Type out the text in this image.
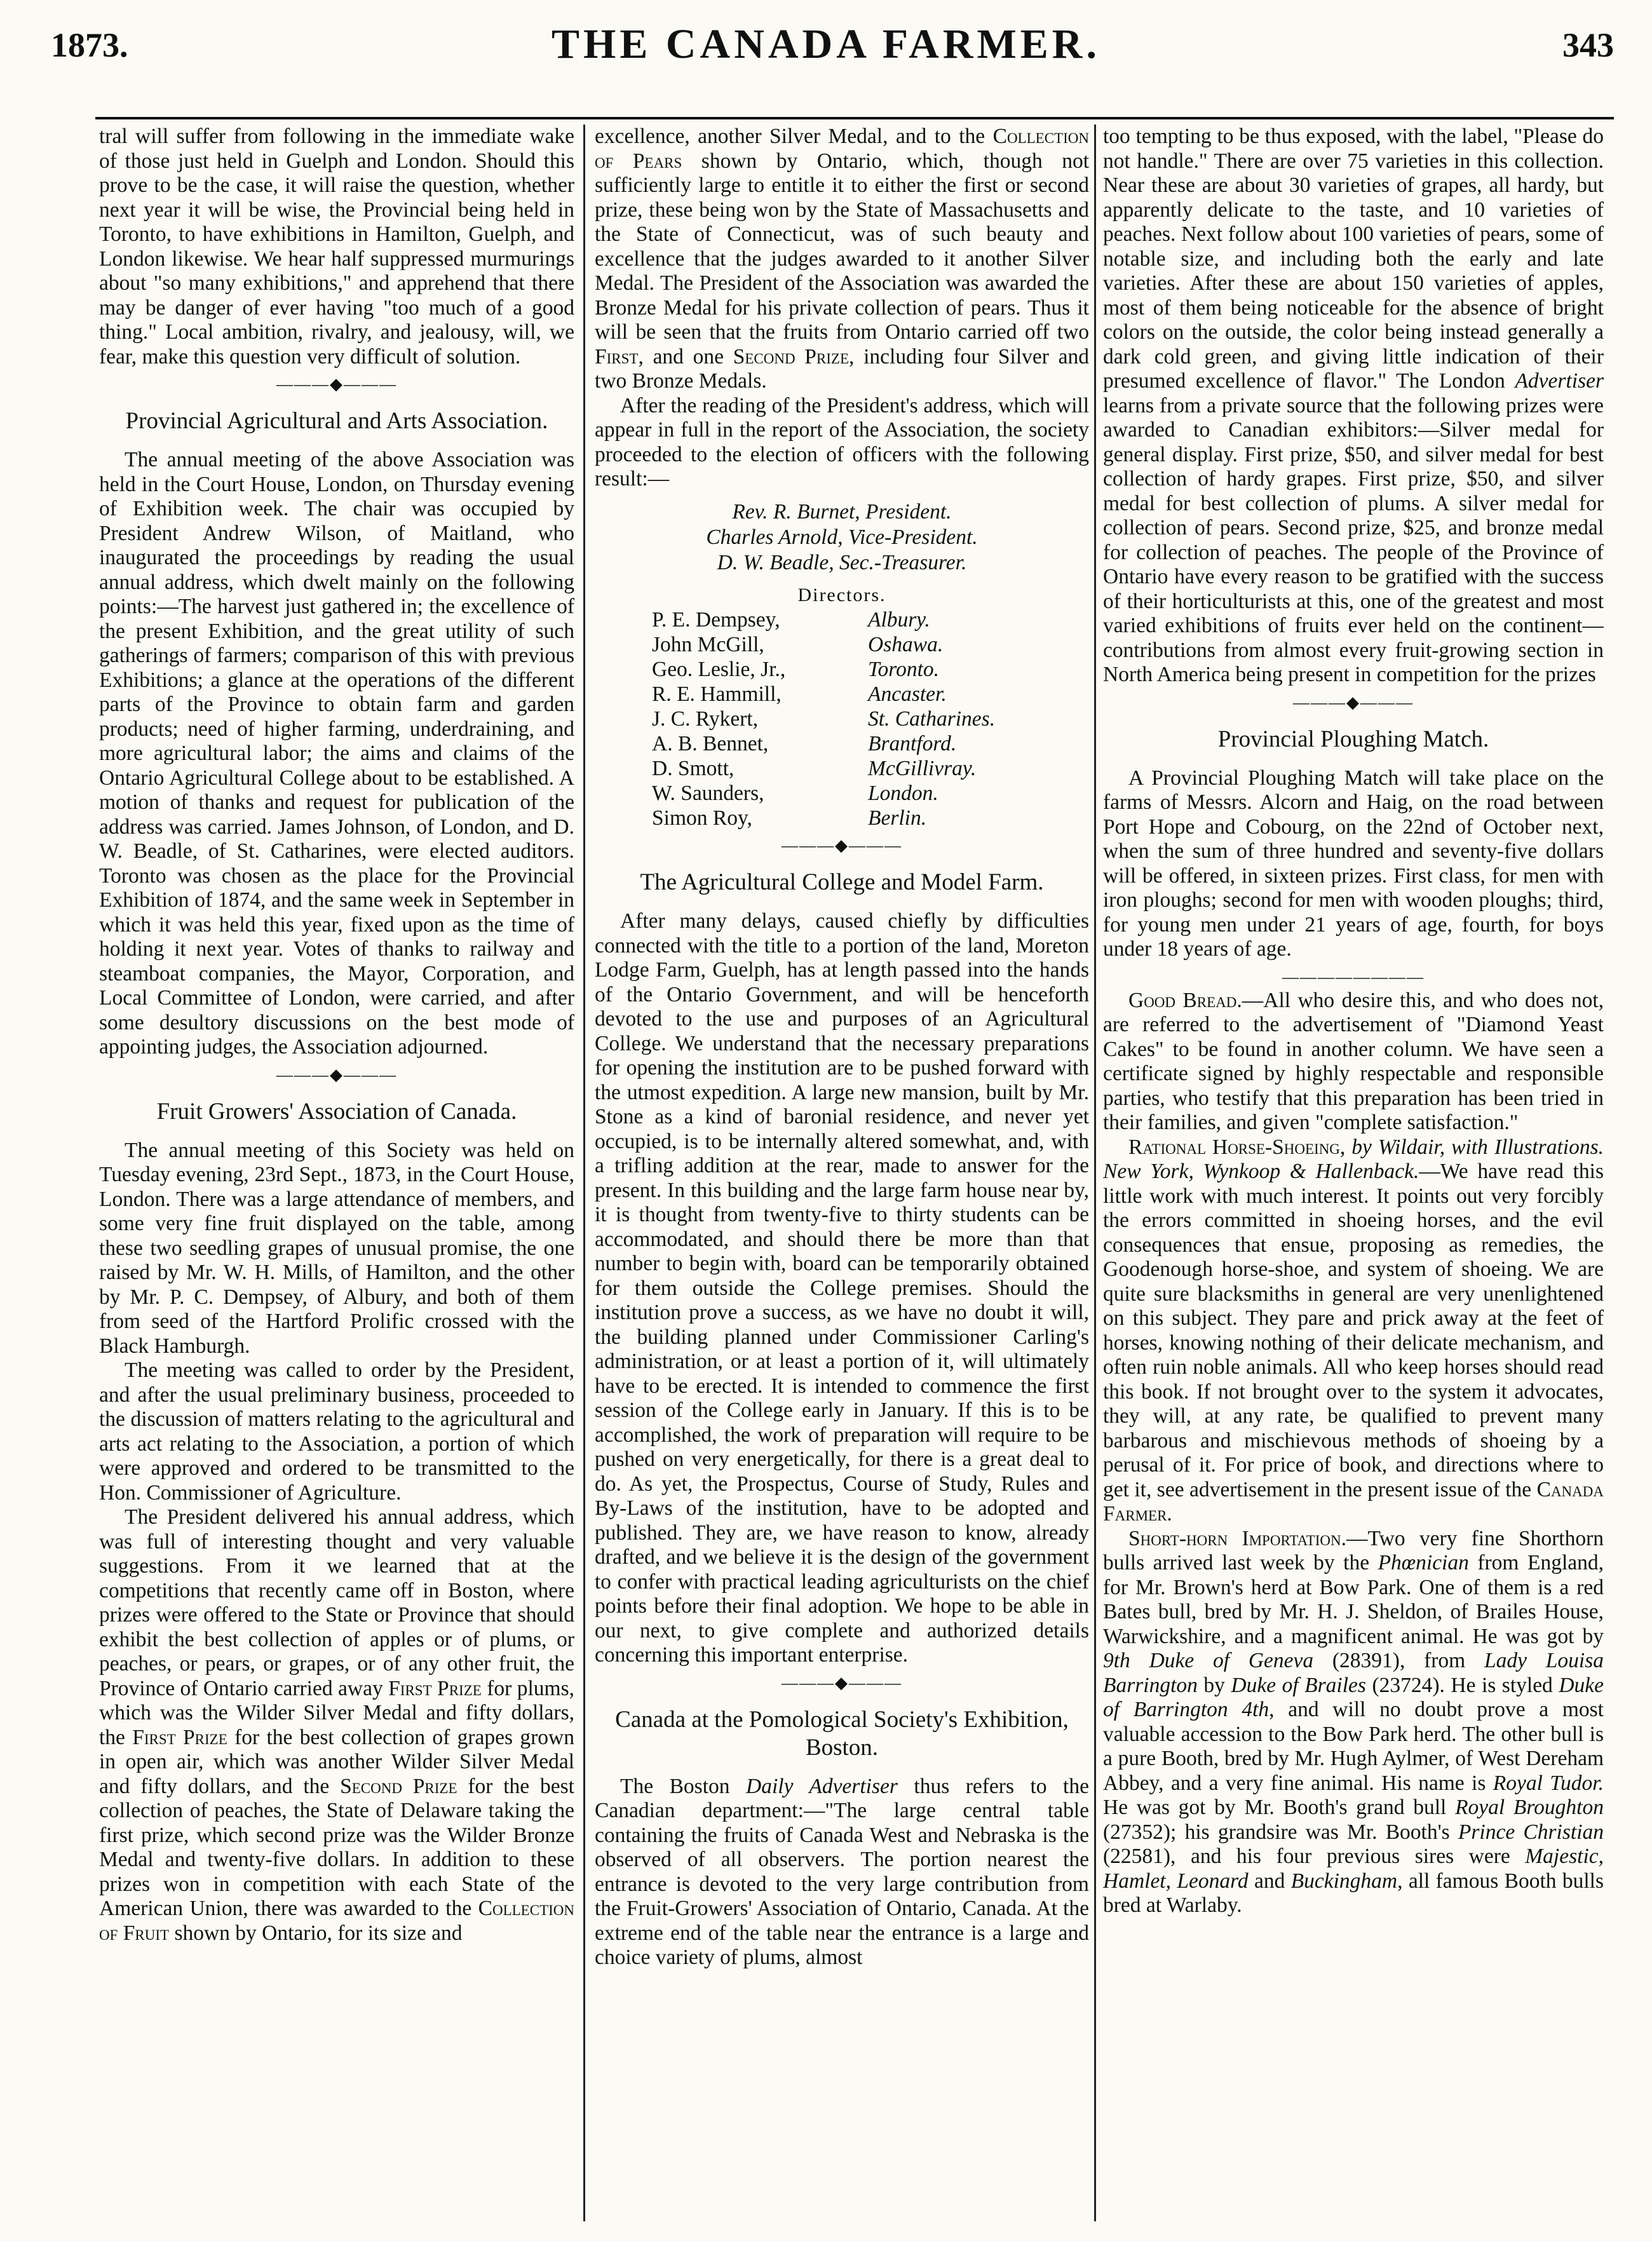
1873.	THE CANADA FARMER.	343

tral will suffer from following in the immediate wake of those just held in Guelph and London. Should this prove to be the case, it will raise the question, whether next year it will be wise, the Provincial being held in Toronto, to have exhibitions in Hamilton, Guelph, and London likewise. We hear half suppressed murmurings about "so many exhibitions," and apprehend that there may be danger of ever having "too much of a good thing." Local ambition, rivalry, and jealousy, will, we fear, make this question very difficult of solution.

———◆———
Provincial Agricultural and Arts Association.

The annual meeting of the above Association was held in the Court House, London, on Thursday evening of Exhibition week. The chair was occupied by President Andrew Wilson, of Maitland, who inaugurated the proceedings by reading the usual annual address, which dwelt mainly on the following points:—The harvest just gathered in; the excellence of the present Exhibition, and the great utility of such gatherings of farmers; comparison of this with previous Exhibitions; a glance at the operations of the different parts of the Province to obtain farm and garden products; need of higher farming, underdraining, and more agricultural labor; the aims and claims of the Ontario Agricultural College about to be established. A motion of thanks and request for publication of the address was carried. James Johnson, of London, and D. W. Beadle, of St. Catharines, were elected auditors. Toronto was chosen as the place for the Provincial Exhibition of 1874, and the same week in September in which it was held this year, fixed upon as the time of holding it next year. Votes of thanks to railway and steamboat companies, the Mayor, Corporation, and Local Committee of London, were carried, and after some desultory discussions on the best mode of appointing judges, the Association adjourned.

———◆———
Fruit Growers' Association of Canada.

The annual meeting of this Society was held on Tuesday evening, 23rd Sept., 1873, in the Court House, London. There was a large attendance of members, and some very fine fruit displayed on the table, among these two seedling grapes of unusual promise, the one raised by Mr. W. H. Mills, of Hamilton, and the other by Mr. P. C. Dempsey, of Albury, and both of them from seed of the Hartford Prolific crossed with the Black Hamburgh.

The meeting was called to order by the President, and after the usual preliminary business, proceeded to the discussion of matters relating to the agricultural and arts act relating to the Association, a portion of which were approved and ordered to be transmitted to the Hon. Commissioner of Agriculture.

The President delivered his annual address, which was full of interesting thought and very valuable suggestions. From it we learned that at the competitions that recently came off in Boston, where prizes were offered to the State or Province that should exhibit the best collection of apples or of plums, or peaches, or pears, or grapes, or of any other fruit, the Province of Ontario carried away First Prize for plums, which was the Wilder Silver Medal and fifty dollars, the First Prize for the best collection of grapes grown in open air, which was another Wilder Silver Medal and fifty dollars, and the Second Prize for the best collection of peaches, the State of Delaware taking the first prize, which second prize was the Wilder Bronze Medal and twenty-five dollars. In addition to these prizes won in competition with each State of the American Union, there was awarded to the Collection of Fruit shown by Ontario, for its size and

excellence, another Silver Medal, and to the Collection of Pears shown by Ontario, which, though not sufficiently large to entitle it to either the first or second prize, these being won by the State of Massachusetts and the State of Connecticut, was of such beauty and excellence that the judges awarded to it another Silver Medal. The President of the Association was awarded the Bronze Medal for his private collection of pears. Thus it will be seen that the fruits from Ontario carried off two First, and one Second Prize, including four Silver and two Bronze Medals.

After the reading of the President's address, which will appear in full in the report of the Association, the society proceeded to the election of officers with the following result:—

Rev. R. Burnet, President.
Charles Arnold, Vice-President.
D. W. Beadle, Sec.-Treasurer.
Directors.
P. E. Dempsey,	Albury.
John McGill,	Oshawa.
Geo. Leslie, Jr.,	Toronto.
R. E. Hammill,	Ancaster.
J. C. Rykert,	St. Catharines.
A. B. Bennet,	Brantford.
D. Smott,	McGillivray.
W. Saunders,	London.
Simon Roy,	Berlin.
———◆———
The Agricultural College and Model Farm.

After many delays, caused chiefly by difficulties connected with the title to a portion of the land, Moreton Lodge Farm, Guelph, has at length passed into the hands of the Ontario Government, and will be henceforth devoted to the use and purposes of an Agricultural College. We understand that the necessary preparations for opening the institution are to be pushed forward with the utmost expedition. A large new mansion, built by Mr. Stone as a kind of baronial residence, and never yet occupied, is to be internally altered somewhat, and, with a trifling addition at the rear, made to answer for the present. In this building and the large farm house near by, it is thought from twenty-five to thirty students can be accommodated, and should there be more than that number to begin with, board can be temporarily obtained for them outside the College premises. Should the institution prove a success, as we have no doubt it will, the building planned under Commissioner Carling's administration, or at least a portion of it, will ultimately have to be erected. It is intended to commence the first session of the College early in January. If this is to be accomplished, the work of preparation will require to be pushed on very energetically, for there is a great deal to do. As yet, the Prospectus, Course of Study, Rules and By-Laws of the institution, have to be adopted and published. They are, we have reason to know, already drafted, and we believe it is the design of the government to confer with practical leading agriculturists on the chief points before their final adoption. We hope to be able in our next, to give complete and authorized details concerning this important enterprise.

———◆———
Canada at the Pomological Society's Exhibition, Boston.

The Boston Daily Advertiser thus refers to the Canadian department:—"The large central table containing the fruits of Canada West and Nebraska is the observed of all observers. The portion nearest the entrance is devoted to the very large contribution from the Fruit-Growers' Association of Ontario, Canada. At the extreme end of the table near the entrance is a large and choice variety of plums, almost

too tempting to be thus exposed, with the label, "Please do not handle." There are over 75 varieties in this collection. Near these are about 30 varieties of grapes, all hardy, but apparently delicate to the taste, and 10 varieties of peaches. Next follow about 100 varieties of pears, some of notable size, and including both the early and late varieties. After these are about 150 varieties of apples, most of them being noticeable for the absence of bright colors on the outside, the color being instead generally a dark cold green, and giving little indication of their presumed excellence of flavor." The London Advertiser learns from a private source that the following prizes were awarded to Canadian exhibitors:—Silver medal for general display. First prize, $50, and silver medal for best collection of hardy grapes. First prize, $50, and silver medal for best collection of plums. A silver medal for collection of pears. Second prize, $25, and bronze medal for collection of peaches. The people of the Province of Ontario have every reason to be gratified with the success of their horticulturists at this, one of the greatest and most varied exhibitions of fruits ever held on the continent—contributions from almost every fruit-growing section in North America being present in competition for the prizes

———◆———
Provincial Ploughing Match.

A Provincial Ploughing Match will take place on the farms of Messrs. Alcorn and Haig, on the road between Port Hope and Cobourg, on the 22nd of October next, when the sum of three hundred and seventy-five dollars will be offered, in sixteen prizes. First class, for men with iron ploughs; second for men with wooden ploughs; third, for young men under 21 years of age, fourth, for boys under 18 years of age.

————————

Good Bread.—All who desire this, and who does not, are referred to the advertisement of "Diamond Yeast Cakes" to be found in another column. We have seen a certificate signed by highly respectable and responsible parties, who testify that this preparation has been tried in their families, and given "complete satisfaction."

Rational Horse-Shoeing, by Wildair, with Illustrations. New York, Wynkoop & Hallenback.—We have read this little work with much interest. It points out very forcibly the errors committed in shoeing horses, and the evil consequences that ensue, proposing as remedies, the Goodenough horse-shoe, and system of shoeing. We are quite sure blacksmiths in general are very unenlightened on this subject. They pare and prick away at the feet of horses, knowing nothing of their delicate mechanism, and often ruin noble animals. All who keep horses should read this book. If not brought over to the system it advocates, they will, at any rate, be qualified to prevent many barbarous and mischievous methods of shoeing by a perusal of it. For price of book, and directions where to get it, see advertisement in the present issue of the Canada Farmer.

Short-horn Importation.—Two very fine Shorthorn bulls arrived last week by the Phœnician from England, for Mr. Brown's herd at Bow Park. One of them is a red Bates bull, bred by Mr. H. J. Sheldon, of Brailes House, Warwickshire, and a magnificent animal. He was got by 9th Duke of Geneva (28391), from Lady Louisa Barrington by Duke of Brailes (23724). He is styled Duke of Barrington 4th, and will no doubt prove a most valuable accession to the Bow Park herd. The other bull is a pure Booth, bred by Mr. Hugh Aylmer, of West Dereham Abbey, and a very fine animal. His name is Royal Tudor. He was got by Mr. Booth's grand bull Royal Broughton (27352); his grandsire was Mr. Booth's Prince Christian (22581), and his four previous sires were Majestic, Hamlet, Leonard and Buckingham, all famous Booth bulls bred at Warlaby.
